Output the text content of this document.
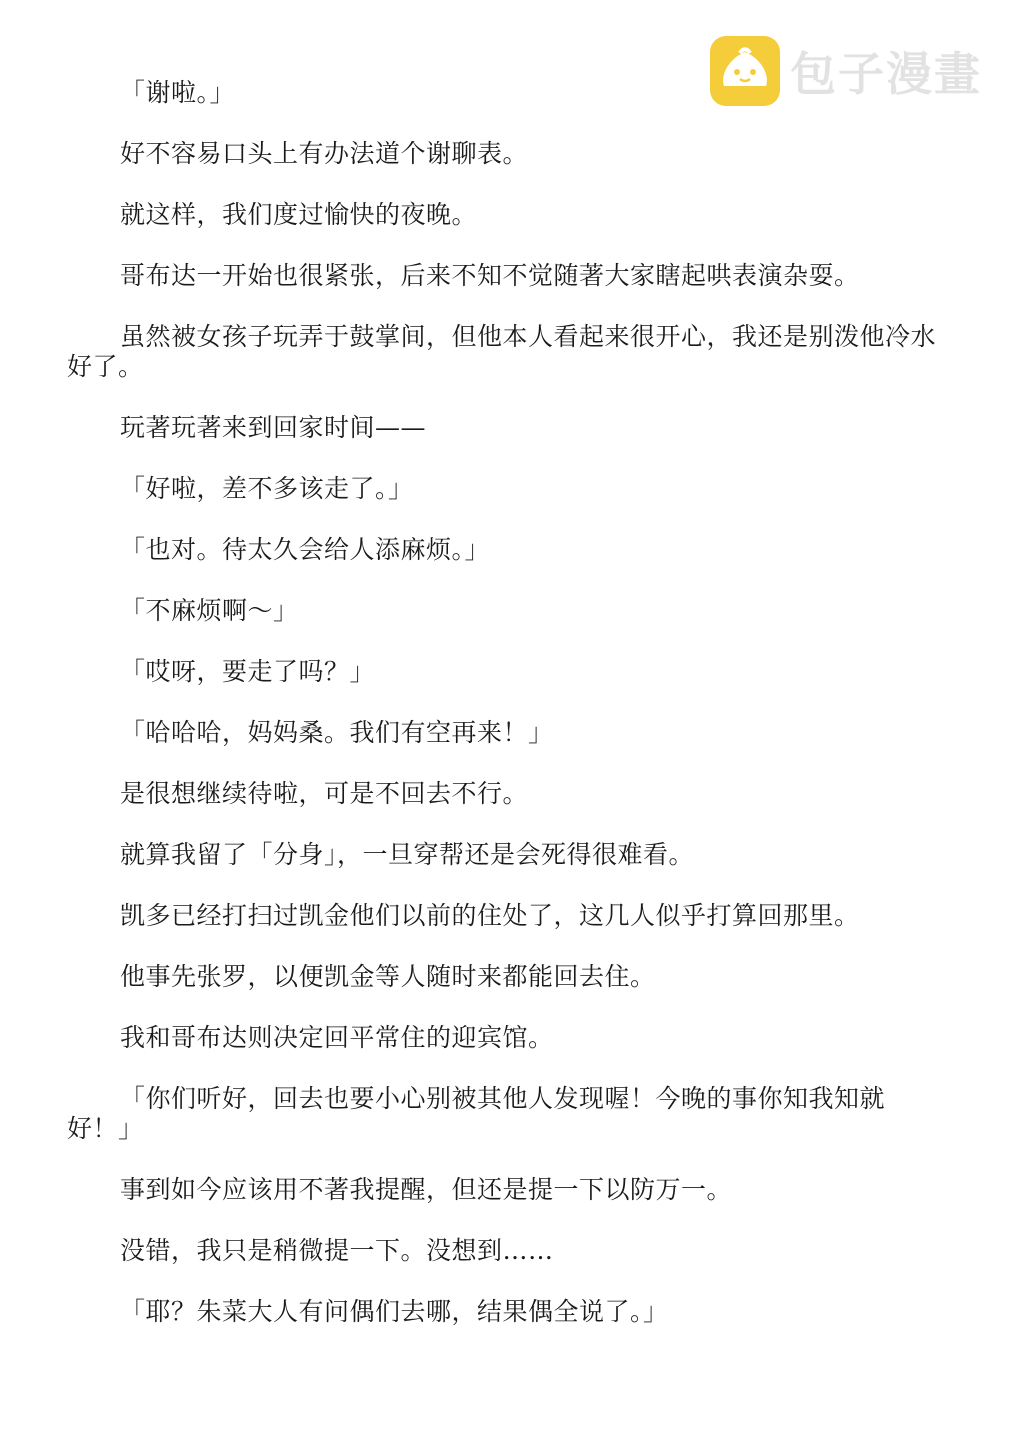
包子漫畫

「谢啦。」

好不容易口头上有办法道个谢聊表。

就这样，我们度过愉快的夜晚。

哥布达一开始也很紧张，后来不知不觉随著大家瞎起哄表演杂耍。

虽然被女孩子玩弄于鼓掌间，但他本人看起来很开心，我还是别泼他冷水好了。

玩著玩著来到回家时间——

「好啦，差不多该走了。」

「也对。待太久会给人添麻烦。」

「不麻烦啊～」

「哎呀，要走了吗？」

「哈哈哈，妈妈桑。我们有空再来！」

是很想继续待啦，可是不回去不行。

就算我留了「分身」，一旦穿帮还是会死得很难看。

凯多已经打扫过凯金他们以前的住处了，这几人似乎打算回那里。

他事先张罗，以便凯金等人随时来都能回去住。

我和哥布达则决定回平常住的迎宾馆。

「你们听好，回去也要小心别被其他人发现喔！今晚的事你知我知就好！」

事到如今应该用不著我提醒，但还是提一下以防万一。

没错，我只是稍微提一下。没想到……

「耶？朱菜大人有问偶们去哪，结果偶全说了。」
